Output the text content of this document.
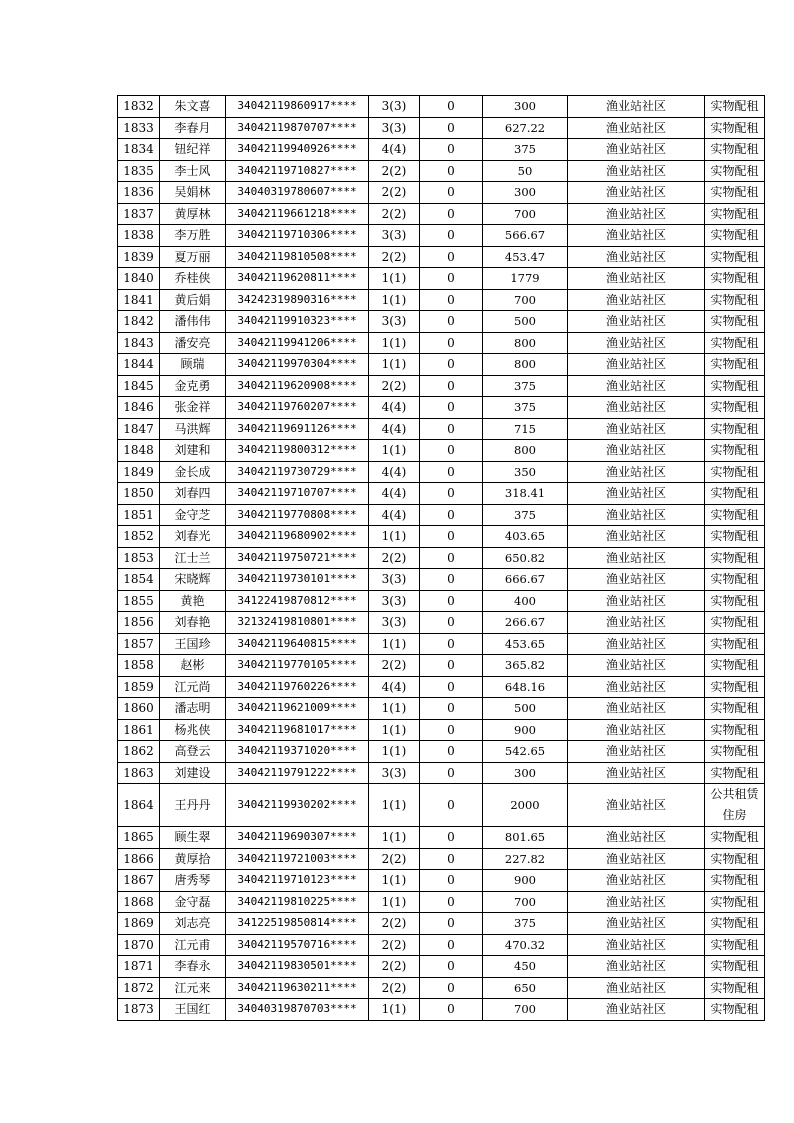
1832	朱文喜	34042119860917****	3(3)	0	300	渔业站社区	实物配租
1833	李春月	34042119870707****	3(3)	0	627.22	渔业站社区	实物配租
1834	钮纪祥	34042119940926****	4(4)	0	375	渔业站社区	实物配租
1835	李士风	34042119710827****	2(2)	0	50	渔业站社区	实物配租
1836	吴娟林	34040319780607****	2(2)	0	300	渔业站社区	实物配租
1837	黄厚林	34042119661218****	2(2)	0	700	渔业站社区	实物配租
1838	李万胜	34042119710306****	3(3)	0	566.67	渔业站社区	实物配租
1839	夏万丽	34042119810508****	2(2)	0	453.47	渔业站社区	实物配租
1840	乔桂侠	34042119620811****	1(1)	0	1779	渔业站社区	实物配租
1841	黄后娟	34242319890316****	1(1)	0	700	渔业站社区	实物配租
1842	潘伟伟	34042119910323****	3(3)	0	500	渔业站社区	实物配租
1843	潘安亮	34042119941206****	1(1)	0	800	渔业站社区	实物配租
1844	顾瑞	34042119970304****	1(1)	0	800	渔业站社区	实物配租
1845	金克勇	34042119620908****	2(2)	0	375	渔业站社区	实物配租
1846	张金祥	34042119760207****	4(4)	0	375	渔业站社区	实物配租
1847	马洪辉	34042119691126****	4(4)	0	715	渔业站社区	实物配租
1848	刘建和	34042119800312****	1(1)	0	800	渔业站社区	实物配租
1849	金长成	34042119730729****	4(4)	0	350	渔业站社区	实物配租
1850	刘春四	34042119710707****	4(4)	0	318.41	渔业站社区	实物配租
1851	金守芝	34042119770808****	4(4)	0	375	渔业站社区	实物配租
1852	刘春光	34042119680902****	1(1)	0	403.65	渔业站社区	实物配租
1853	江士兰	34042119750721****	2(2)	0	650.82	渔业站社区	实物配租
1854	宋晓辉	34042119730101****	3(3)	0	666.67	渔业站社区	实物配租
1855	黄艳	34122419870812****	3(3)	0	400	渔业站社区	实物配租
1856	刘春艳	32132419810801****	3(3)	0	266.67	渔业站社区	实物配租
1857	王国珍	34042119640815****	1(1)	0	453.65	渔业站社区	实物配租
1858	赵彬	34042119770105****	2(2)	0	365.82	渔业站社区	实物配租
1859	江元尚	34042119760226****	4(4)	0	648.16	渔业站社区	实物配租
1860	潘志明	34042119621009****	1(1)	0	500	渔业站社区	实物配租
1861	杨兆侠	34042119681017****	1(1)	0	900	渔业站社区	实物配租
1862	高登云	34042119371020****	1(1)	0	542.65	渔业站社区	实物配租
1863	刘建设	34042119791222****	3(3)	0	300	渔业站社区	实物配租
1864	王丹丹	34042119930202****	1(1)	0	2000	渔业站社区	公共租赁住房
1865	顾生翠	34042119690307****	1(1)	0	801.65	渔业站社区	实物配租
1866	黄厚拾	34042119721003****	2(2)	0	227.82	渔业站社区	实物配租
1867	唐秀琴	34042119710123****	1(1)	0	900	渔业站社区	实物配租
1868	金守磊	34042119810225****	1(1)	0	700	渔业站社区	实物配租
1869	刘志亮	34122519850814****	2(2)	0	375	渔业站社区	实物配租
1870	江元甫	34042119570716****	2(2)	0	470.32	渔业站社区	实物配租
1871	李春永	34042119830501****	2(2)	0	450	渔业站社区	实物配租
1872	江元来	34042119630211****	2(2)	0	650	渔业站社区	实物配租
1873	王国红	34040319870703****	1(1)	0	700	渔业站社区	实物配租
